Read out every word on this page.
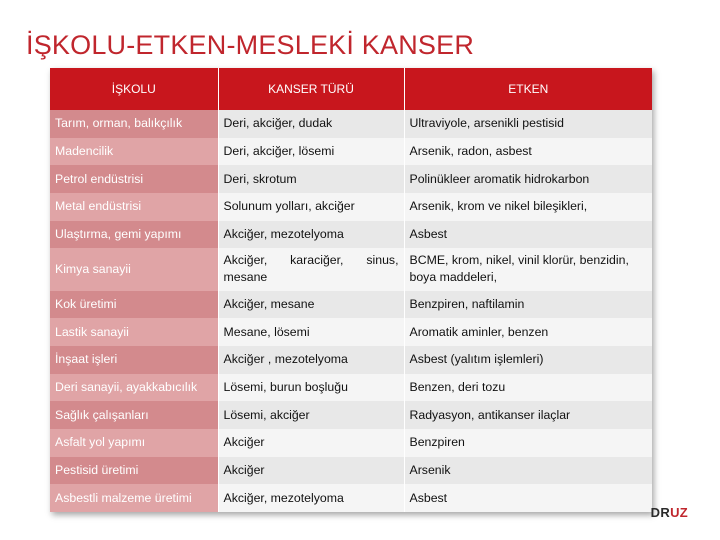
İŞKOLU-ETKEN-MESLEKİ KANSER
İŞKOLU	KANSER TÜRÜ	ETKEN
Tarım, orman, balıkçılık	Deri, akciğer, dudak	Ultraviyole, arsenikli pestisid
Madencilik	Deri, akciğer, lösemi	Arsenik, radon, asbest
Petrol endüstrisi	Deri, skrotum	Polinükleer aromatik hidrokarbon
Metal endüstrisi	Solunum yolları, akciğer	Arsenik, krom ve nikel bileşikleri,
Ulaştırma, gemi yapımı	Akciğer, mezotelyoma	Asbest
Kimya sanayii	Akciğer, karaciğer, sinus, mesane	BCME, krom, nikel, vinil klorür, benzidin, boya maddeleri,
Kok üretimi	Akciğer, mesane	Benzpiren, naftilamin
Lastik sanayii	Mesane, lösemi	Aromatik aminler, benzen
İnşaat işleri	Akciğer , mezotelyoma	Asbest (yalıtım işlemleri)
Deri sanayii, ayakkabıcılık	Lösemi, burun boşluğu	Benzen, deri tozu
Sağlık çalışanları	Lösemi, akciğer	Radyasyon, antikanser ilaçlar
Asfalt yol yapımı	Akciğer	Benzpiren
Pestisid üretimi	Akciğer	Arsenik
Asbestli malzeme üretimi	Akciğer, mezotelyoma	Asbest
DRUZ
